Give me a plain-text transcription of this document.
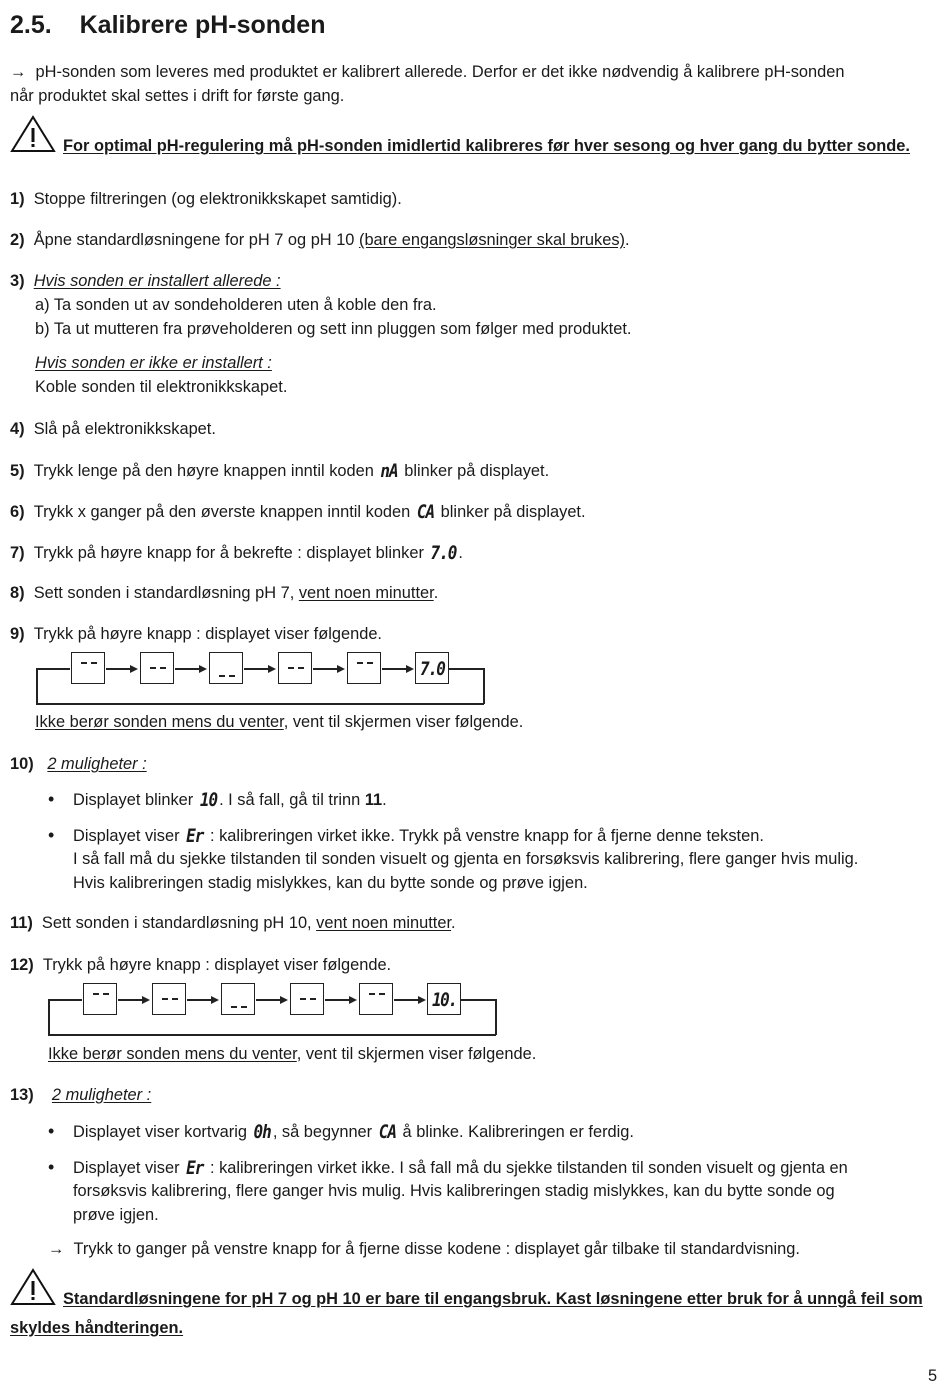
2.5. Kalibrere pH-sonden
→ pH-sonden som leveres med produktet er kalibrert allerede. Derfor er det ikke nødvendig å kalibrere pH-sonden
når produktet skal settes i drift for første gang.
For optimal pH-regulering må pH-sonden imidlertid kalibreres før hver sesong og hver gang du bytter sonde.
1) Stoppe filtreringen (og elektronikkskapet samtidig).
2) Åpne standardløsningene for pH 7 og pH 10 (bare engangsløsninger skal brukes).
3) Hvis sonden er installert allerede :
a) Ta sonden ut av sondeholderen uten å koble den fra.
b) Ta ut mutteren fra prøveholderen og sett inn pluggen som følger med produktet.
Hvis sonden er ikke er installert :
Koble sonden til elektronikkskapet.
4) Slå på elektronikkskapet.
5) Trykk lenge på den høyre knappen inntil koden nA blinker på displayet.
6) Trykk x ganger på den øverste knappen inntil koden CA blinker på displayet.
7) Trykk på høyre knapp for å bekrefte : displayet blinker 7.0 .
8) Sett sonden i standardløsning pH 7, vent noen minutter.
9) Trykk på høyre knapp : displayet viser følgende.
7.0
Ikke berør sonden mens du venter, vent til skjermen viser følgende.
10) 2 muligheter :
• Displayet blinker 10 . I så fall, gå til trinn 11.
• Displayet viser Er : kalibreringen virket ikke. Trykk på venstre knapp for å fjerne denne teksten.
I så fall må du sjekke tilstanden til sonden visuelt og gjenta en forsøksvis kalibrering, flere ganger hvis mulig.
Hvis kalibreringen stadig mislykkes, kan du bytte sonde og prøve igjen.
11) Sett sonden i standardløsning pH 10, vent noen minutter.
12) Trykk på høyre knapp : displayet viser følgende.
10.
Ikke berør sonden mens du venter, vent til skjermen viser følgende.
13) 2 muligheter :
• Displayet viser kortvarig 0h , så begynner CA å blinke. Kalibreringen er ferdig.
• Displayet viser Er : kalibreringen virket ikke. I så fall må du sjekke tilstanden til sonden visuelt og gjenta en
forsøksvis kalibrering, flere ganger hvis mulig. Hvis kalibreringen stadig mislykkes, kan du bytte sonde og
prøve igjen.
→ Trykk to ganger på venstre knapp for å fjerne disse kodene : displayet går tilbake til standardvisning.
Standardløsningene for pH 7 og pH 10 er bare til engangsbruk. Kast løsningene etter bruk for å unngå feil som
skyldes håndteringen.
5
